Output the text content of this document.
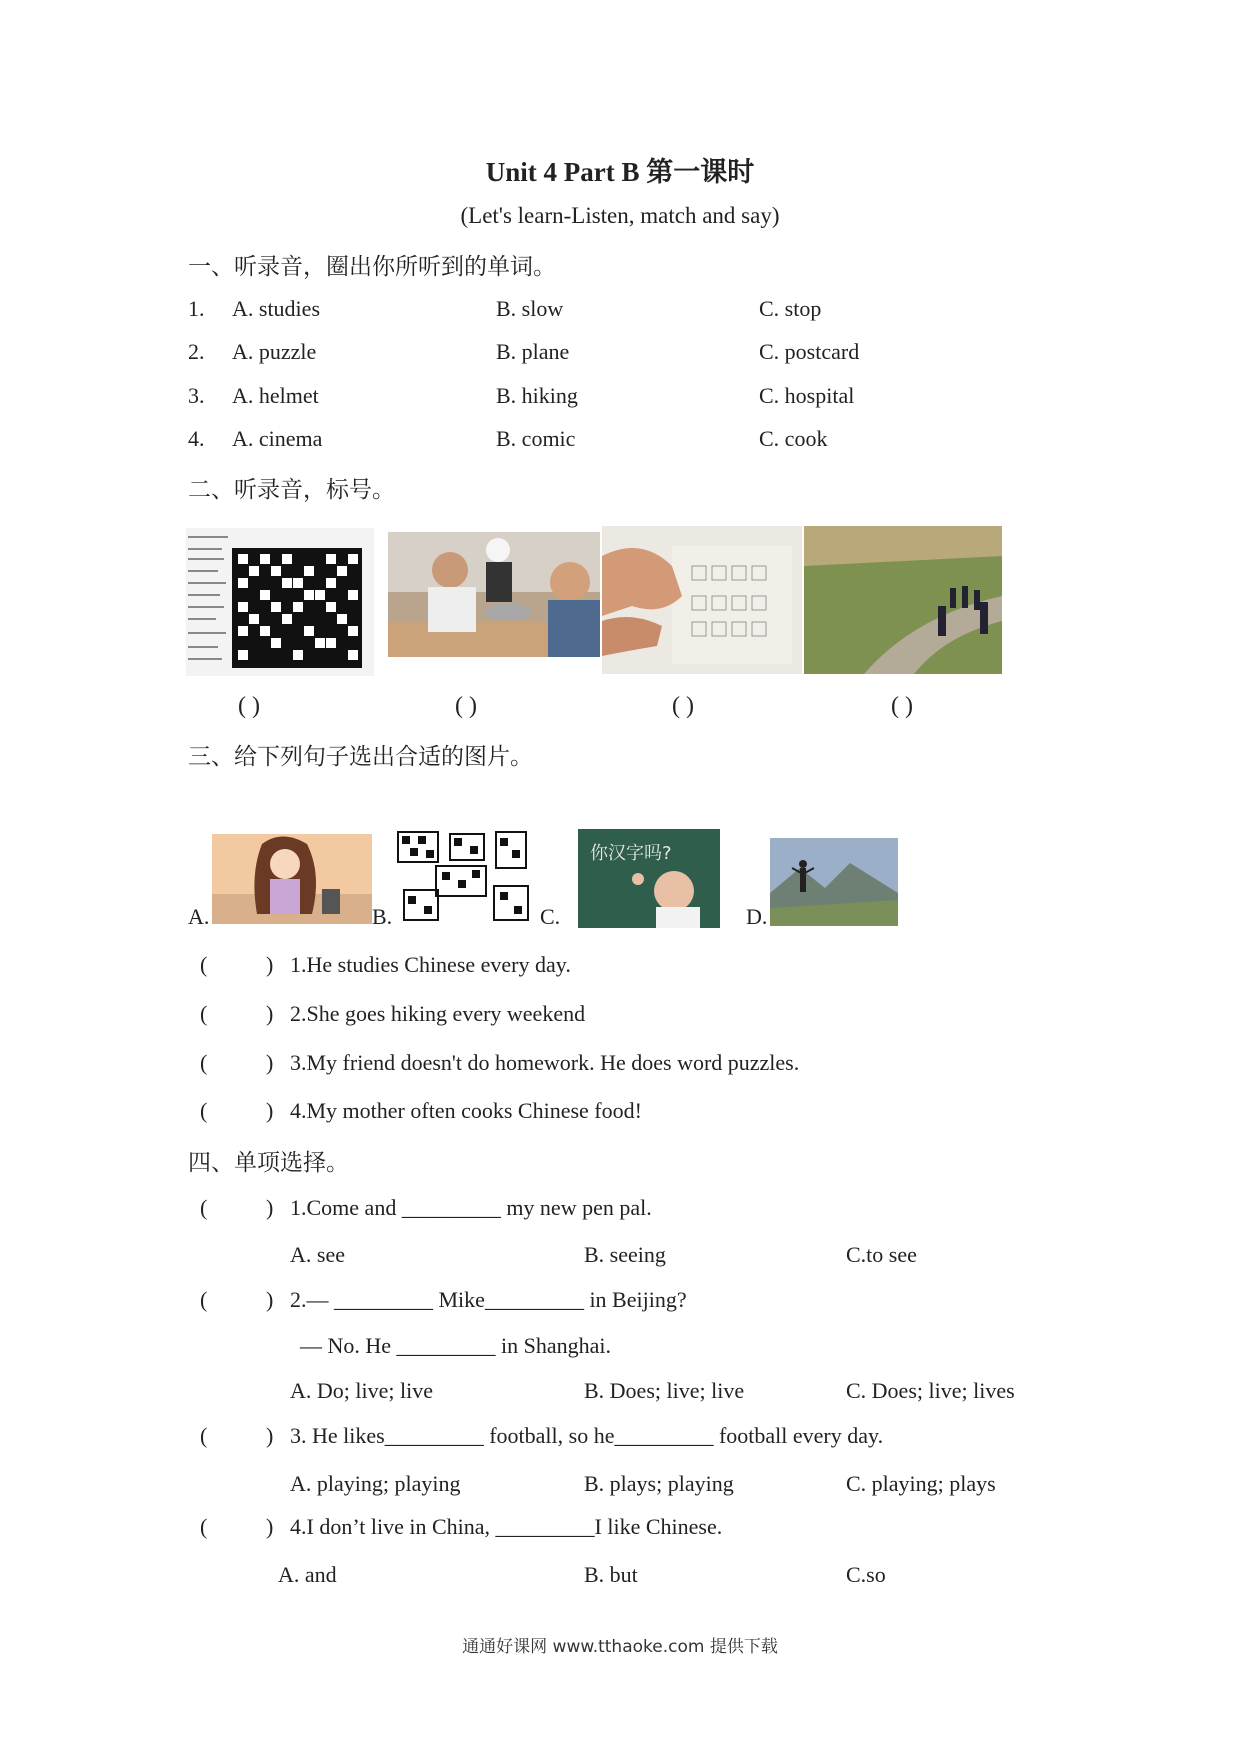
Unit 4 Part B 第一课时
(Let's learn-Listen, match and say)
一、听录音，圈出你所听到的单词。
1. A. studies	B. slow	C. stop
2. A. puzzle	B. plane	C. postcard
3. A. helmet	B. hiking	C. hospital
4. A. cinema	B. comic	C. cook
二、听录音，标号。
( )	( )	( )	( )
三、给下列句子选出合适的图片。
A.	B.	C.
你汉字吗?
D.
(	) 1.He studies Chinese every day.
(	) 2.She goes hiking every weekend
(	) 3.My friend doesn't do homework. He does word puzzles.
(	) 4.My mother often cooks Chinese food!
四、单项选择。
(	) 1.Come and _________ my new pen pal.
A. see	B. seeing	C.to see
(	) 2.— _________ Mike_________ in Beijing?
— No. He _________ in Shanghai.
A. Do; live; live	B. Does; live; live	C. Does; live; lives
(	) 3. He likes_________ football, so he_________ football every day.
A. playing; playing	B. plays; playing	C. playing; plays
(	) 4.I don’t live in China, _________I like Chinese.
A. and	B. but	C.so
通通好课网 www.tthaoke.com 提供下载
